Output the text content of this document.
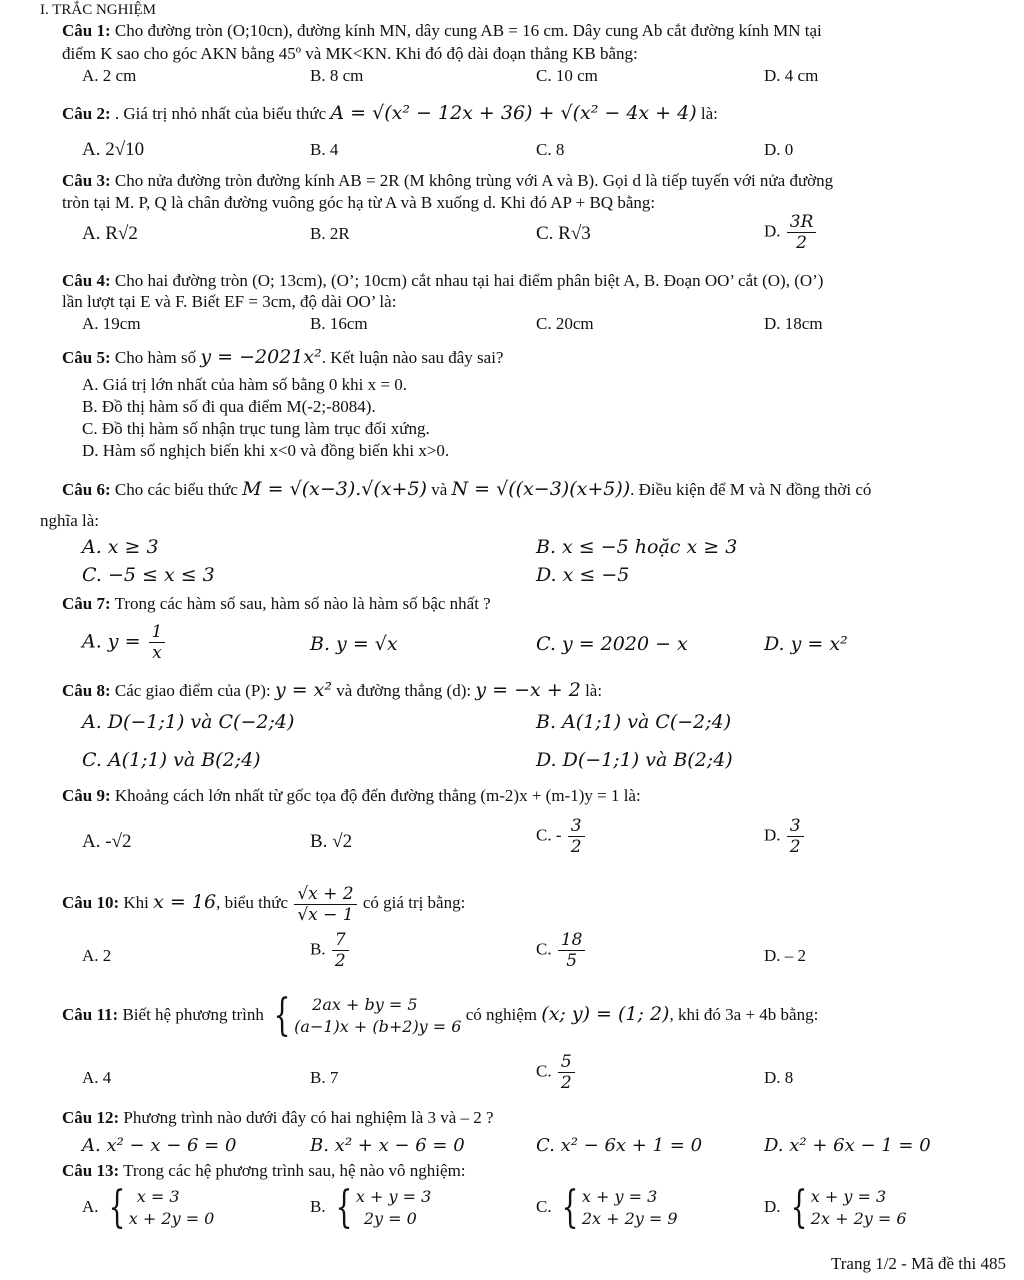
I. TRẮC NGHIỆM
Câu 1: Cho đường tròn (O;10cn), đường kính MN, dây cung AB = 16 cm. Dây cung Ab cắt đường kính MN tại
điểm K sao cho góc AKN bằng 45º và MK<KN. Khi đó độ dài đoạn thẳng KB bằng:
A. 2 cm	B. 8 cm	C. 10 cm	D. 4 cm
Câu 2: . Giá trị nhỏ nhất của biểu thức A = √(x² − 12x + 36) + √(x² − 4x + 4) là:
A. 2√10	B. 4	C. 8	D. 0
Câu 3: Cho nửa đường tròn đường kính AB = 2R (M không trùng với A và B). Gọi d là tiếp tuyến với nửa đường
tròn tại M. P, Q là chân đường vuông góc hạ từ A và B xuống d. Khi đó AP + BQ bằng:
A. R√2	B. 2R	C. R√3	D. $\frac{3R}{2}$
Câu 4: Cho hai đường tròn (O; 13cm), (O’; 10cm) cắt nhau tại hai điểm phân biệt A, B. Đoạn OO’ cắt (O), (O’)
lần lượt tại E và F. Biết EF = 3cm, độ dài OO’ là:
A. 19cm	B. 16cm	C. 20cm	D. 18cm
Câu 5: Cho hàm số y = −2021x². Kết luận nào sau đây sai?
A. Giá trị lớn nhất của hàm số bằng 0 khi x = 0.
B. Đồ thị hàm số đi qua điểm M(-2;-8084).
C. Đồ thị hàm số nhận trục tung làm trục đối xứng.
D. Hàm số nghịch biến khi x<0 và đồng biến khi x>0.
Câu 6: Cho các biểu thức M = √(x−3).√(x+5) và N = √((x−3)(x+5)). Điều kiện để M và N đồng thời có
nghĩa là:
A. x ≥ 3	B. x ≤ −5 hoặc x ≥ 3
C. −5 ≤ x ≤ 3	D. x ≤ −5
Câu 7: Trong các hàm số sau, hàm số nào là hàm số bậc nhất ?
A. $y = \frac{1}{x}$	B. y = √x	C. y = 2020 − x	D. y = x²
Câu 8: Các giao điểm của (P): y = x² và đường thẳng (d): y = −x + 2 là:
A. D(−1;1) và C(−2;4)	B. A(1;1) và C(−2;4)
C. A(1;1) và B(2;4)	D. D(−1;1) và B(2;4)
Câu 9: Khoảng cách lớn nhất từ gốc tọa độ đến đường thẳng (m-2)x + (m-1)y = 1 là:
A. -√2	B. √2	C. - $\frac{3}{2}$	D. $\frac{3}{2}$
Câu 10: Khi x = 16, biểu thức $\frac{√x + 2}{√x - 1}$ có giá trị bằng:
A. 2	B. $\frac{7}{2}$	C. $\frac{18}{5}$	D. – 2
Câu 11: Biết hệ phương trình {	2ax + by = 5
(a−1)x + (b+2)y = 6
có nghiệm (x; y) = (1; 2), khi đó 3a + 4b bằng:
A. 4	B. 7	C. $\frac{5}{2}$	D. 8
Câu 12: Phương trình nào dưới đây có hai nghiệm là 3 và – 2 ?
A. x² − x − 6 = 0	B. x² + x − 6 = 0	C. x² − 6x + 1 = 0	D. x² + 6x − 1 = 0
Câu 13: Trong các hệ phương trình sau, hệ nào vô nghiệm:
A. { x = 3
x + 2y = 0
B. { x + y = 3
2y = 0
C. { x + y = 3
2x + 2y = 9
D. { x + y = 3
2x + 2y = 6
Trang 1/2 - Mã đề thi 485
